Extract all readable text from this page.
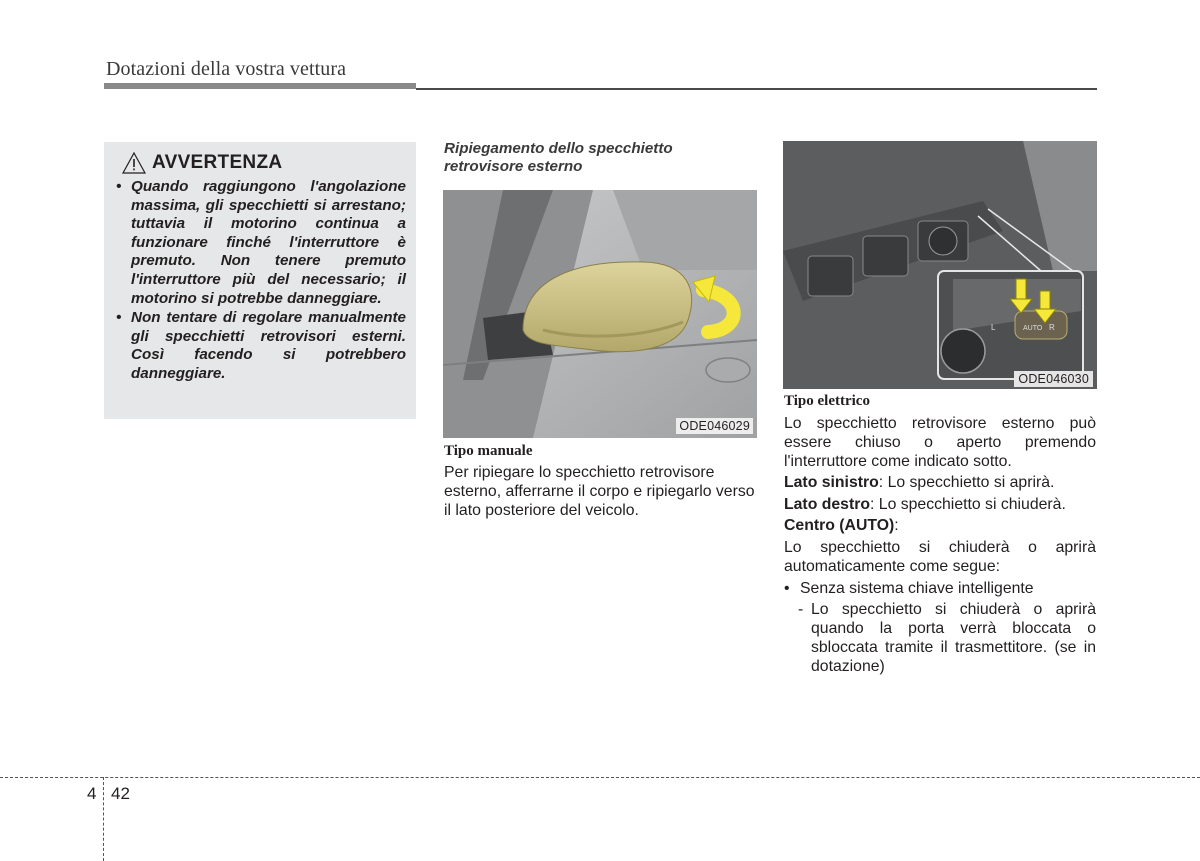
Dotazioni della vostra vettura
AVVERTENZA
• Quando raggiungono l'angolazione massima, gli specchietti si arrestano; tuttavia il motorino continua a funzionare finché l'interruttore è premuto. Non tenere premuto l'interruttore più del necessario; il motorino si potrebbe danneggiare.
• Non tentare di regolare manualmente gli specchietti retrovisori esterni. Così facendo si potrebbero danneggiare.
Ripiegamento dello specchietto retrovisore esterno
ODE046029
Tipo manuale
Per ripiegare lo specchietto retrovisore esterno, afferrarne il corpo e ripiegarlo verso il lato posteriore del veicolo.
L	AUTO R
ODE046030
Tipo elettrico
Lo specchietto retrovisore esterno può essere chiuso o aperto premendo l'interruttore come indicato sotto.
Lato sinistro: Lo specchietto si aprirà.
Lato destro: Lo specchietto si chiuderà.
Centro (AUTO):
Lo specchietto si chiuderà o aprirà automaticamente come segue:
• Senza sistema chiave intelligente
- Lo specchietto si chiuderà o aprirà quando la porta verrà bloccata o sbloccata tramite il trasmettitore. (se in dotazione)
4 42
